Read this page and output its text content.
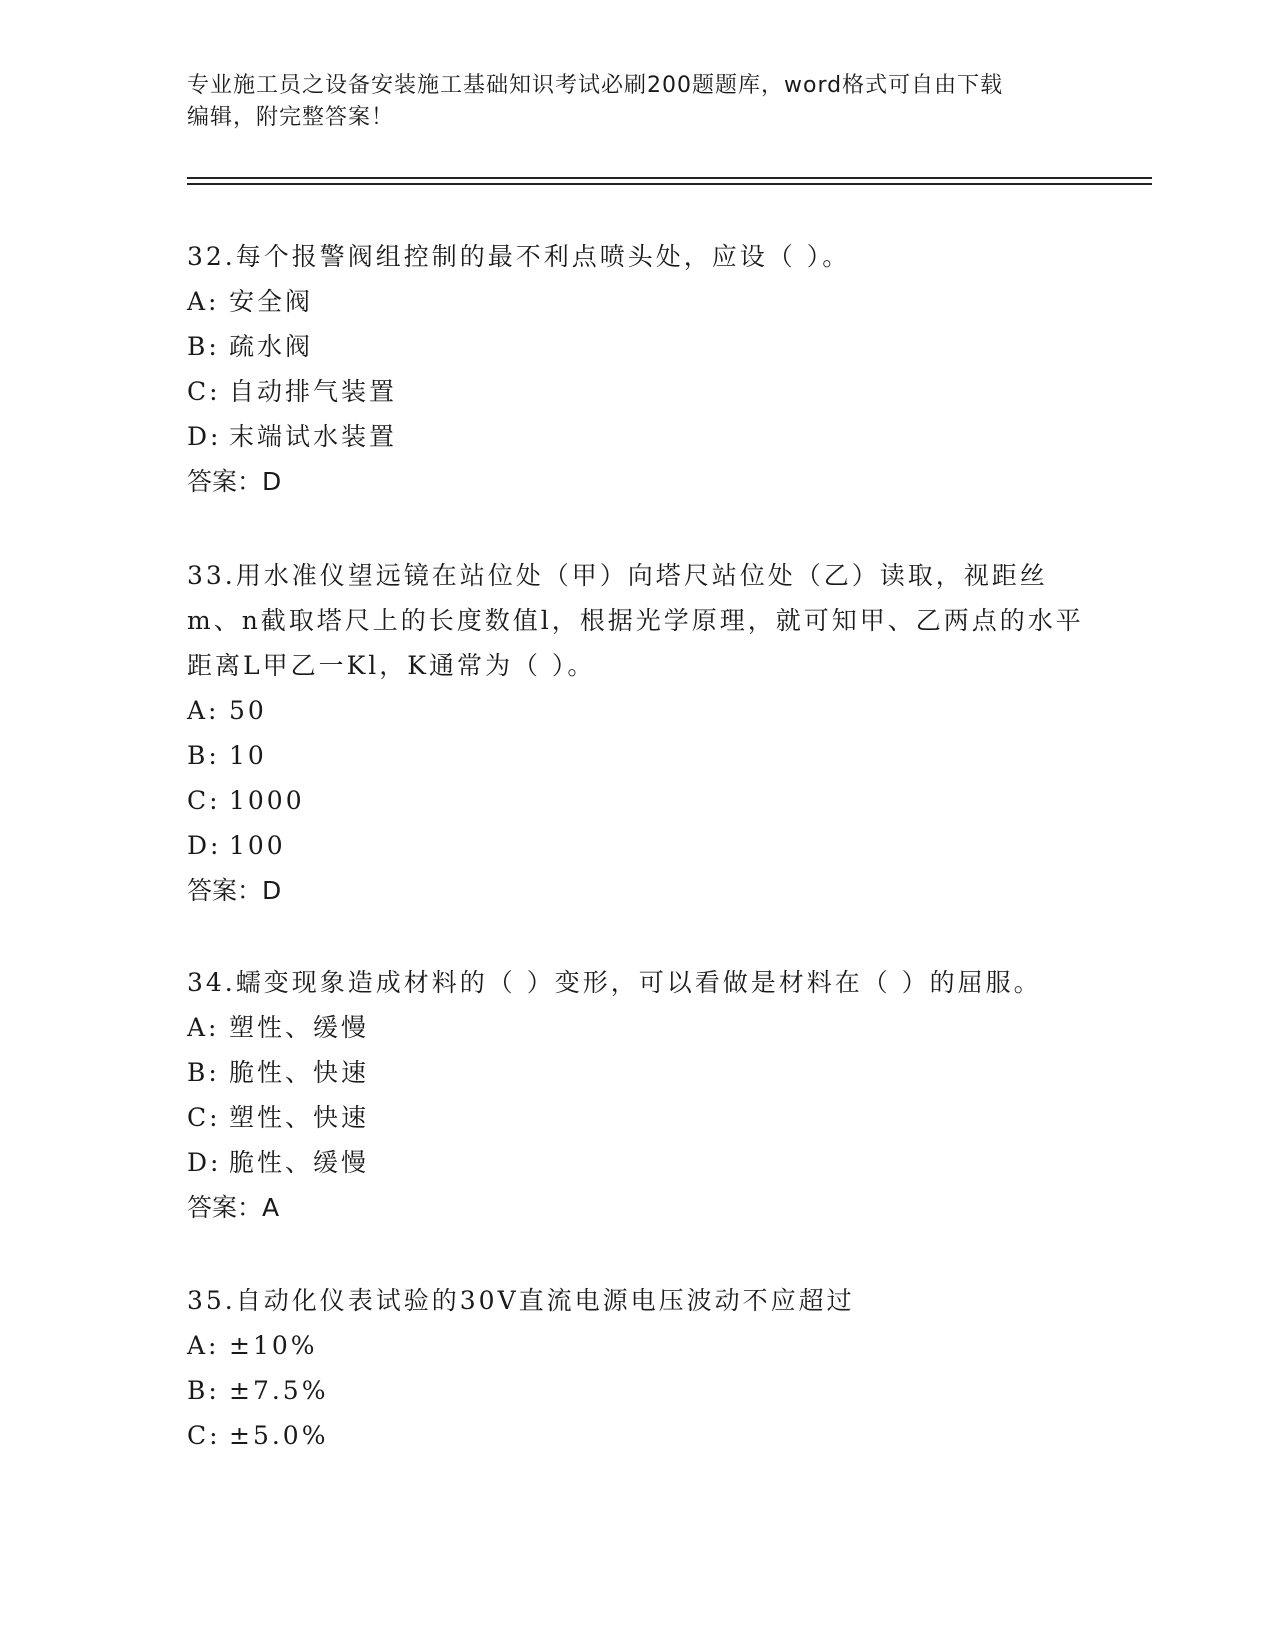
专业施工员之设备安装施工基础知识考试必刷200题题库，word格式可自由下载
编辑，附完整答案！

32.每个报警阀组控制的最不利点喷头处，应设（ ）。

A: 安全阀

B: 疏水阀

C: 自动排气装置

D: 末端试水装置

答案：D

33.用水准仪望远镜在站位处（甲）向塔尺站位处（乙）读取，视距丝m、n截取塔尺上的长度数值l，根据光学原理，就可知甲、乙两点的水平距离L甲乙一Kl，K通常为（ ）。

A: 50

B: 10

C: 1000

D: 100

答案：D

34.蠕变现象造成材料的（ ）变形，可以看做是材料在（ ）的屈服。

A: 塑性、缓慢

B: 脆性、快速

C: 塑性、快速

D: 脆性、缓慢

答案：A

35.自动化仪表试验的30V直流电源电压波动不应超过

A: ±10%

B: ±7.5%

C: ±5.0%
